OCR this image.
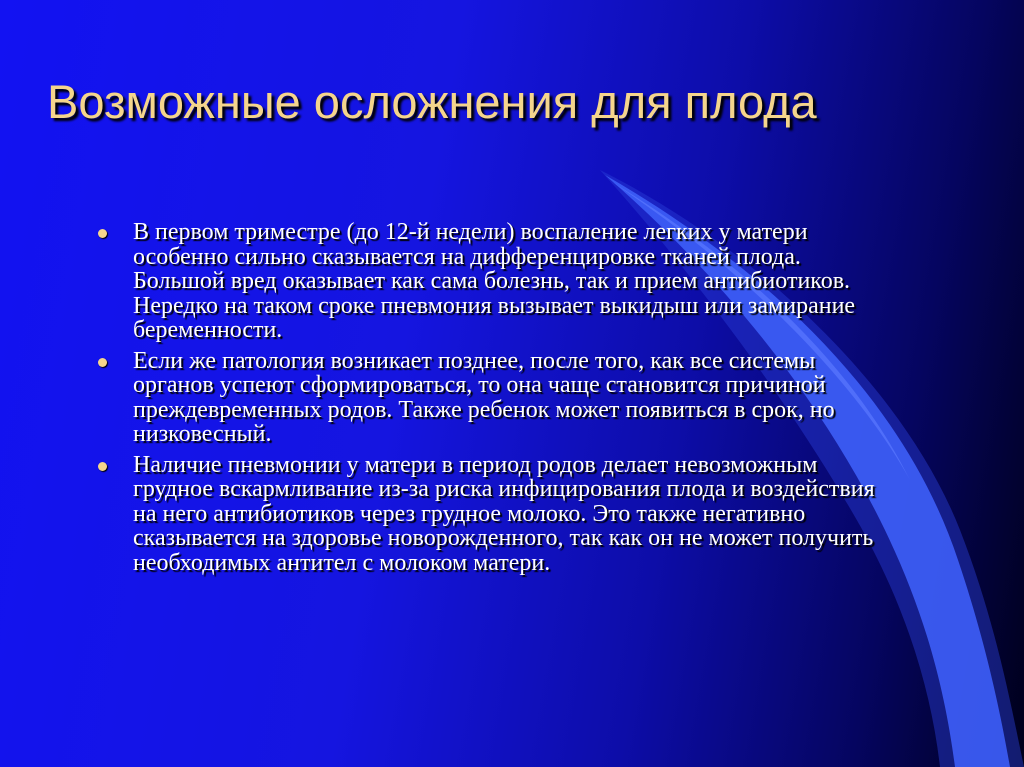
Возможные осложнения для плода
В первом триместре (до 12-й недели) воспаление легких у матери особенно сильно сказывается на дифференцировке тканей плода. Большой вред оказывает как сама болезнь, так и прием антибиотиков. Нередко на таком сроке пневмония вызывает выкидыш или замирание беременности.
Если же патология возникает позднее, после того, как все системы органов успеют сформироваться, то она чаще становится причиной преждевременных родов. Также ребенок может появиться в срок, но низковесный.
Наличие пневмонии у матери в период родов делает невозможным грудное вскармливание из-за риска инфицирования плода и воздействия на него антибиотиков через грудное молоко. Это также негативно сказывается на здоровье новорожденного, так как он не может получить необходимых антител с молоком матери.
